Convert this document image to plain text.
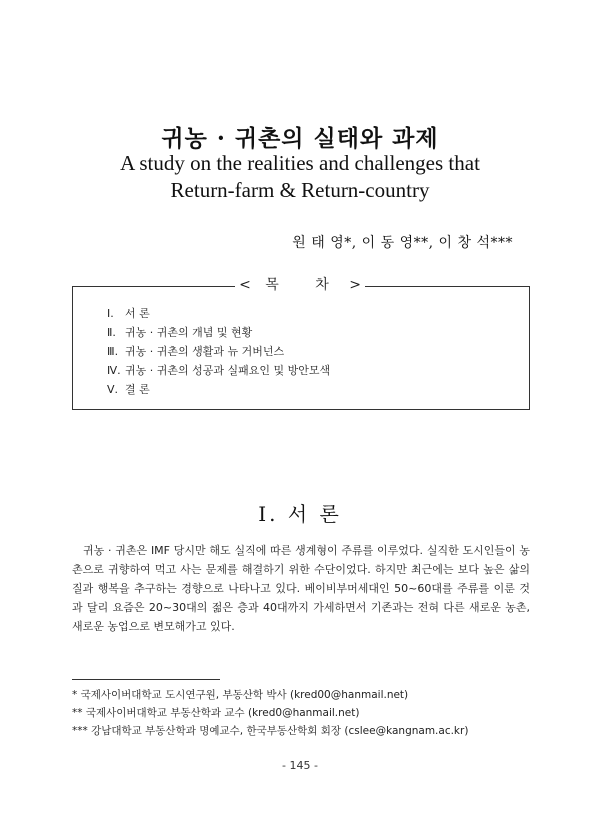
귀농 · 귀촌의 실태와 과제
A study on the realities and challenges that
Return-farm & Return-country
원 태 영*, 이 동 영**, 이 창 석***
< 목 차 >
Ⅰ.	서 론
Ⅱ. 귀농 · 귀촌의 개념 및 현황
Ⅲ. 귀농 · 귀촌의 생활과 뉴 거버넌스
Ⅳ. 귀농 · 귀촌의 성공과 실패요인 및 방안모색
Ⅴ. 결 론
Ⅰ. 서 론

귀농 · 귀촌은 IMF 당시만 해도 실직에 따른 생계형이 주류를 이루었다. 실직한 도시인들이 농촌으로 귀향하여 먹고 사는 문제를 해결하기 위한 수단이었다. 하지만 최근에는 보다 높은 삶의 질과 행복을 추구하는 경향으로 나타나고 있다. 베이비부머세대인 50~60대를 주류를 이룬 것과 달리 요즘은 20~30대의 젊은 층과 40대까지 가세하면서 기존과는 전혀 다른 새로운 농촌, 새로운 농업으로 변모해가고 있다.

* 국제사이버대학교 도시연구원, 부동산학 박사 (kred00@hanmail.net)
** 국제사이버대학교 부동산학과 교수 (kred0@hanmail.net)
*** 강남대학교 부동산학과 명예교수, 한국부동산학회 회장 (cslee@kangnam.ac.kr)
- 145 -
